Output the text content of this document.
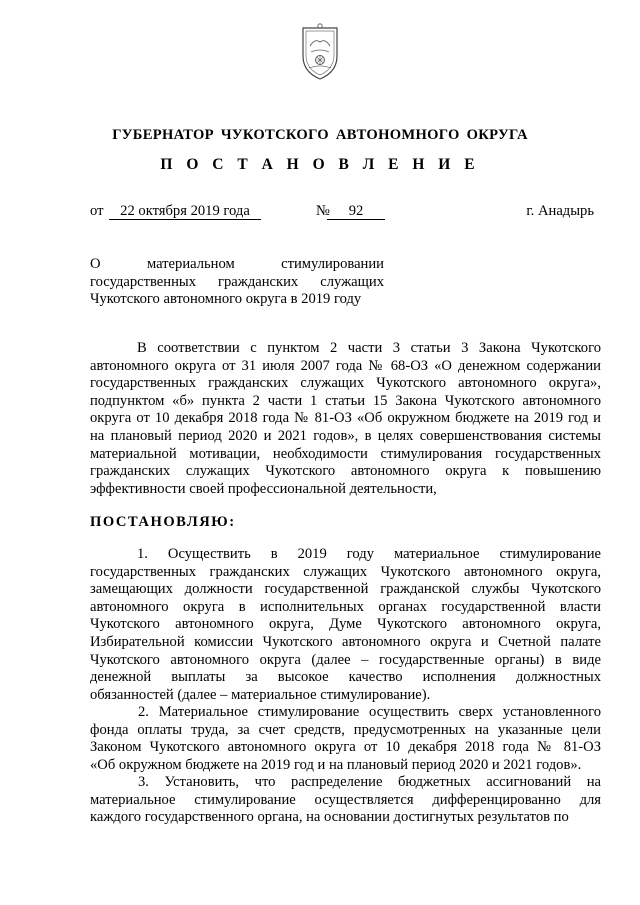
ГУБЕРНАТОР ЧУКОТСКОГО АВТОНОМНОГО ОКРУГА
П О С Т А Н О В Л Е Н И Е
от	22 октября 2019 года	№	92	г. Анадырь
О материальном стимулировании
государственных гражданских служащих
Чукотского автономного округа в 2019 году
В соответствии с пунктом 2 части 3 статьи 3 Закона Чукотского
автономного округа от 31 июля 2007 года № 68-ОЗ «О денежном содержании
государственных гражданских служащих Чукотского автономного округа»,
подпунктом «б» пункта 2 части 1 статьи 15 Закона Чукотского автономного
округа от 10 декабря 2018 года № 81-ОЗ «Об окружном бюджете на 2019 год и
на плановый период 2020 и 2021 годов», в целях совершенствования системы
материальной мотивации, необходимости стимулирования государственных
гражданских служащих Чукотского автономного округа к повышению
эффективности своей профессиональной деятельности,
ПОСТАНОВЛЯЮ:
1. Осуществить в 2019 году материальное стимулирование
государственных гражданских служащих Чукотского автономного округа,
замещающих должности государственной гражданской службы Чукотского
автономного округа в исполнительных органах государственной власти
Чукотского автономного округа, Думе Чукотского автономного округа,
Избирательной комиссии Чукотского автономного округа и Счетной палате
Чукотского автономного округа (далее – государственные органы) в виде
денежной выплаты за высокое качество исполнения должностных
обязанностей (далее – материальное стимулирование).
2. Материальное стимулирование осуществить сверх установленного
фонда оплаты труда, за счет средств, предусмотренных на указанные цели
Законом Чукотского автономного округа от 10 декабря 2018 года № 81-ОЗ
«Об окружном бюджете на 2019 год и на плановый период 2020 и 2021 годов».
3. Установить, что распределение бюджетных ассигнований на
материальное стимулирование осуществляется дифференцированно для
каждого государственного органа, на основании достигнутых результатов по
